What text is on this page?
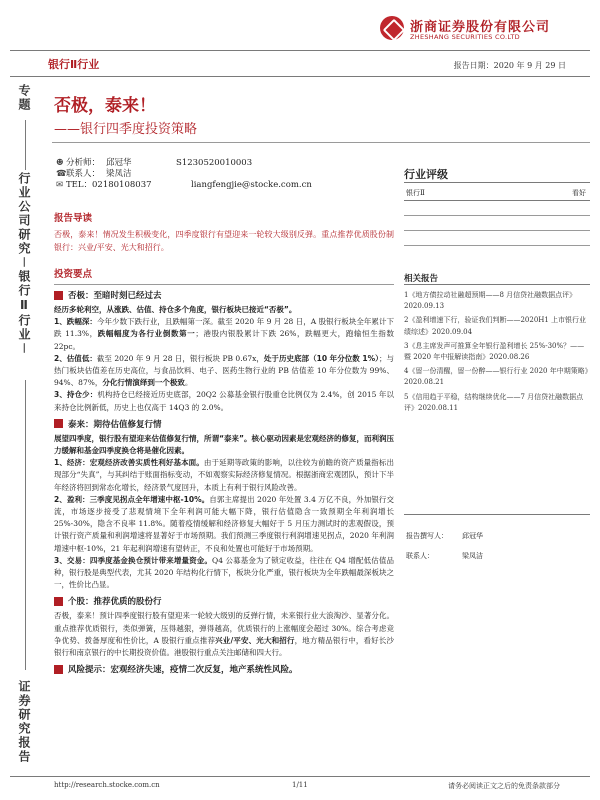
浙商证券股份有限公司
ZHESHANG SECURITIES CO.LTD
银行Ⅱ行业	报告日期：2020 年 9 月 29 日
专题
行业公司研究－银行Ⅱ行业－
证券研究报告
否极，泰来！
——银行四季度投资策略
☻ 分析师： 邱冠华
☎联系人： 梁凤洁
✉ TEL：02180108037
S1230520010003
liangfengjie@stocke.com.cn
行业评级
银行Ⅱ	看好
相关报告
1《地方债拉动社融超预期——8 月信贷社融数据点评》2020.09.13
2《盈利增速下行，验证我们判断——2020H1 上市银行业绩综述》2020.09.04
3《息主席发声可推算全年银行盈利增长 25%-30%？——暨 2020 年中报解读指南》2020.08.26
4《留一份清醒，留一份醉——银行行业 2020 年中期策略》2020.08.21
5《信用趋于平稳，结构继续优化——7 月信贷社融数据点评》2020.08.11
报告撰写人： 邱冠华
联系人：	梁凤洁
报告导读
否极，泰来！情况发生积极变化，四季度银行有望迎来一轮较大级别反弹。重点推荐优质股份制银行：兴业/平安、光大和招行。
投资要点
否极：至暗时刻已经过去
经历多轮利空，从涨跌、估值、持仓多个角度，银行板块已接近“否极”。
1、跌幅深：今年少数下跌行业，且跌幅第一深。截至 2020 年 9 月 28 日，A 股银行板块全年累计下跌 11.3%，跌幅幅度为各行业倒数第一；港股内银股累计下跌 26%，跌幅更大，跑输恒生指数 22pc。
2、估值低：截至 2020 年 9 月 28 日，银行板块 PB 0.67x，处于历史底部（10 年分位数 1%）；与热门板块估值差在历史高位，与食品饮料、电子、医药生物行业的 PB 估值差 10 年分位数为 99%、94%、87%，分化行情演绎到一个极致。
3、持仓少：机构持仓已经接近历史底部，20Q2 公募基金银行股重仓比例仅为 2.4%，创 2015 年以来持仓比例新低，历史上也仅高于 14Q3 的 2.0%。
泰来：期待估值修复行情
展望四季度，银行股有望迎来估值修复行情，所谓“泰来”。核心驱动因素是宏观经济的修复，而利润压力缓解和基金四季度换仓将是催化因素。
1、经济：宏观经济改善实质性利好基本面。由于延期等政策的影响，以往较为前瞻的资产质量指标出现部分“失真”，与其纠结于账面指标变动，不如观察实际经济修复情况。根据浙商宏观团队，预计下半年经济将回到常态化增长，经济景气度回升，本质上有利于银行风险改善。
2、盈利：三季度见拐点全年增速中枢-10%。自郭主席提出 2020 年处置 3.4 万亿不良，外加银行交流，市场逐步接受了悲观情境下全年利润可能大幅下降，银行估值隐含一致预期全年利润增长 25%-30%，隐含不良率 11.8%。随着疫情缓解和经济修复大幅好于 5 月压力测试时的悲观假设，预计银行资产质量和利润增速将显著好于市场预期。我们预测三季度银行利润增速见拐点，2020 年利润增速中枢-10%，21 年起利润增速有望转正，不良和处置也可能好于市场预期。
3、交易：四季度基金换仓预计带来增量资金。Q4 公募基金为了锁定收益，往往在 Q4 增配低估值品种，银行股是典型代表，尤其 2020 年结构化行情下，板块分化严重，银行板块为全年跌幅最深板块之一，性价比凸显。
个股：推荐优质的股份行
否极，泰来！预计四季度银行股有望迎来一轮较大级别的反弹行情，未来银行业大浪淘沙、显著分化。重点推荐优质银行，类似弹簧，压得越狠，弹得越高，优质银行的上涨幅度会超过 30%。综合考虑竞争优势、拨备厚度和性价比，A 股银行重点推荐兴业/平安、光大和招行，地方精品银行中，看好长沙银行和南京银行的中长期投资价值。港股银行重点关注邮储和四大行。
风险提示：宏观经济失速，疫情二次反复，地产系统性风险。
http://research.stocke.com.cn	1/11	请务必阅读正文之后的免责条款部分
